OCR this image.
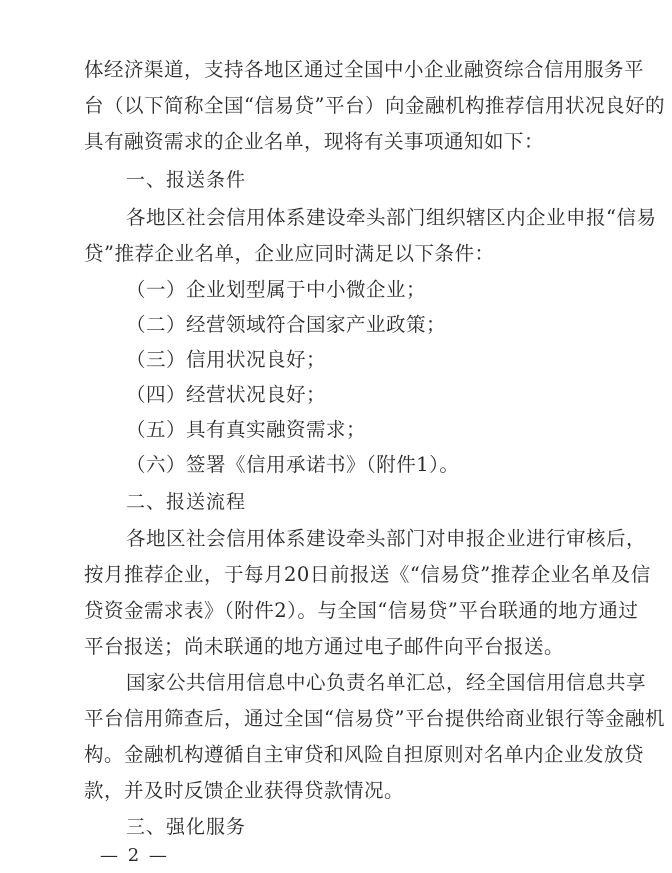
体经济渠道，支持各地区通过全国中小企业融资综合信用服务平
台（以下简称全国“信易贷”平台）向金融机构推荐信用状况良好的
具有融资需求的企业名单，现将有关事项通知如下：
一、报送条件
各地区社会信用体系建设牵头部门组织辖区内企业申报“信易
贷”推荐企业名单，企业应同时满足以下条件：
（一）企业划型属于中小微企业；
（二）经营领域符合国家产业政策；
（三）信用状况良好；
（四）经营状况良好；
（五）具有真实融资需求；
（六）签署《信用承诺书》（附件1）。
二、报送流程
各地区社会信用体系建设牵头部门对申报企业进行审核后，
按月推荐企业，于每月20日前报送《“信易贷”推荐企业名单及信
贷资金需求表》（附件2）。与全国“信易贷”平台联通的地方通过
平台报送；尚未联通的地方通过电子邮件向平台报送。
国家公共信用信息中心负责名单汇总，经全国信用信息共享
平台信用筛查后，通过全国“信易贷”平台提供给商业银行等金融机
构。金融机构遵循自主审贷和风险自担原则对名单内企业发放贷
款，并及时反馈企业获得贷款情况。
三、强化服务
— 2 —
